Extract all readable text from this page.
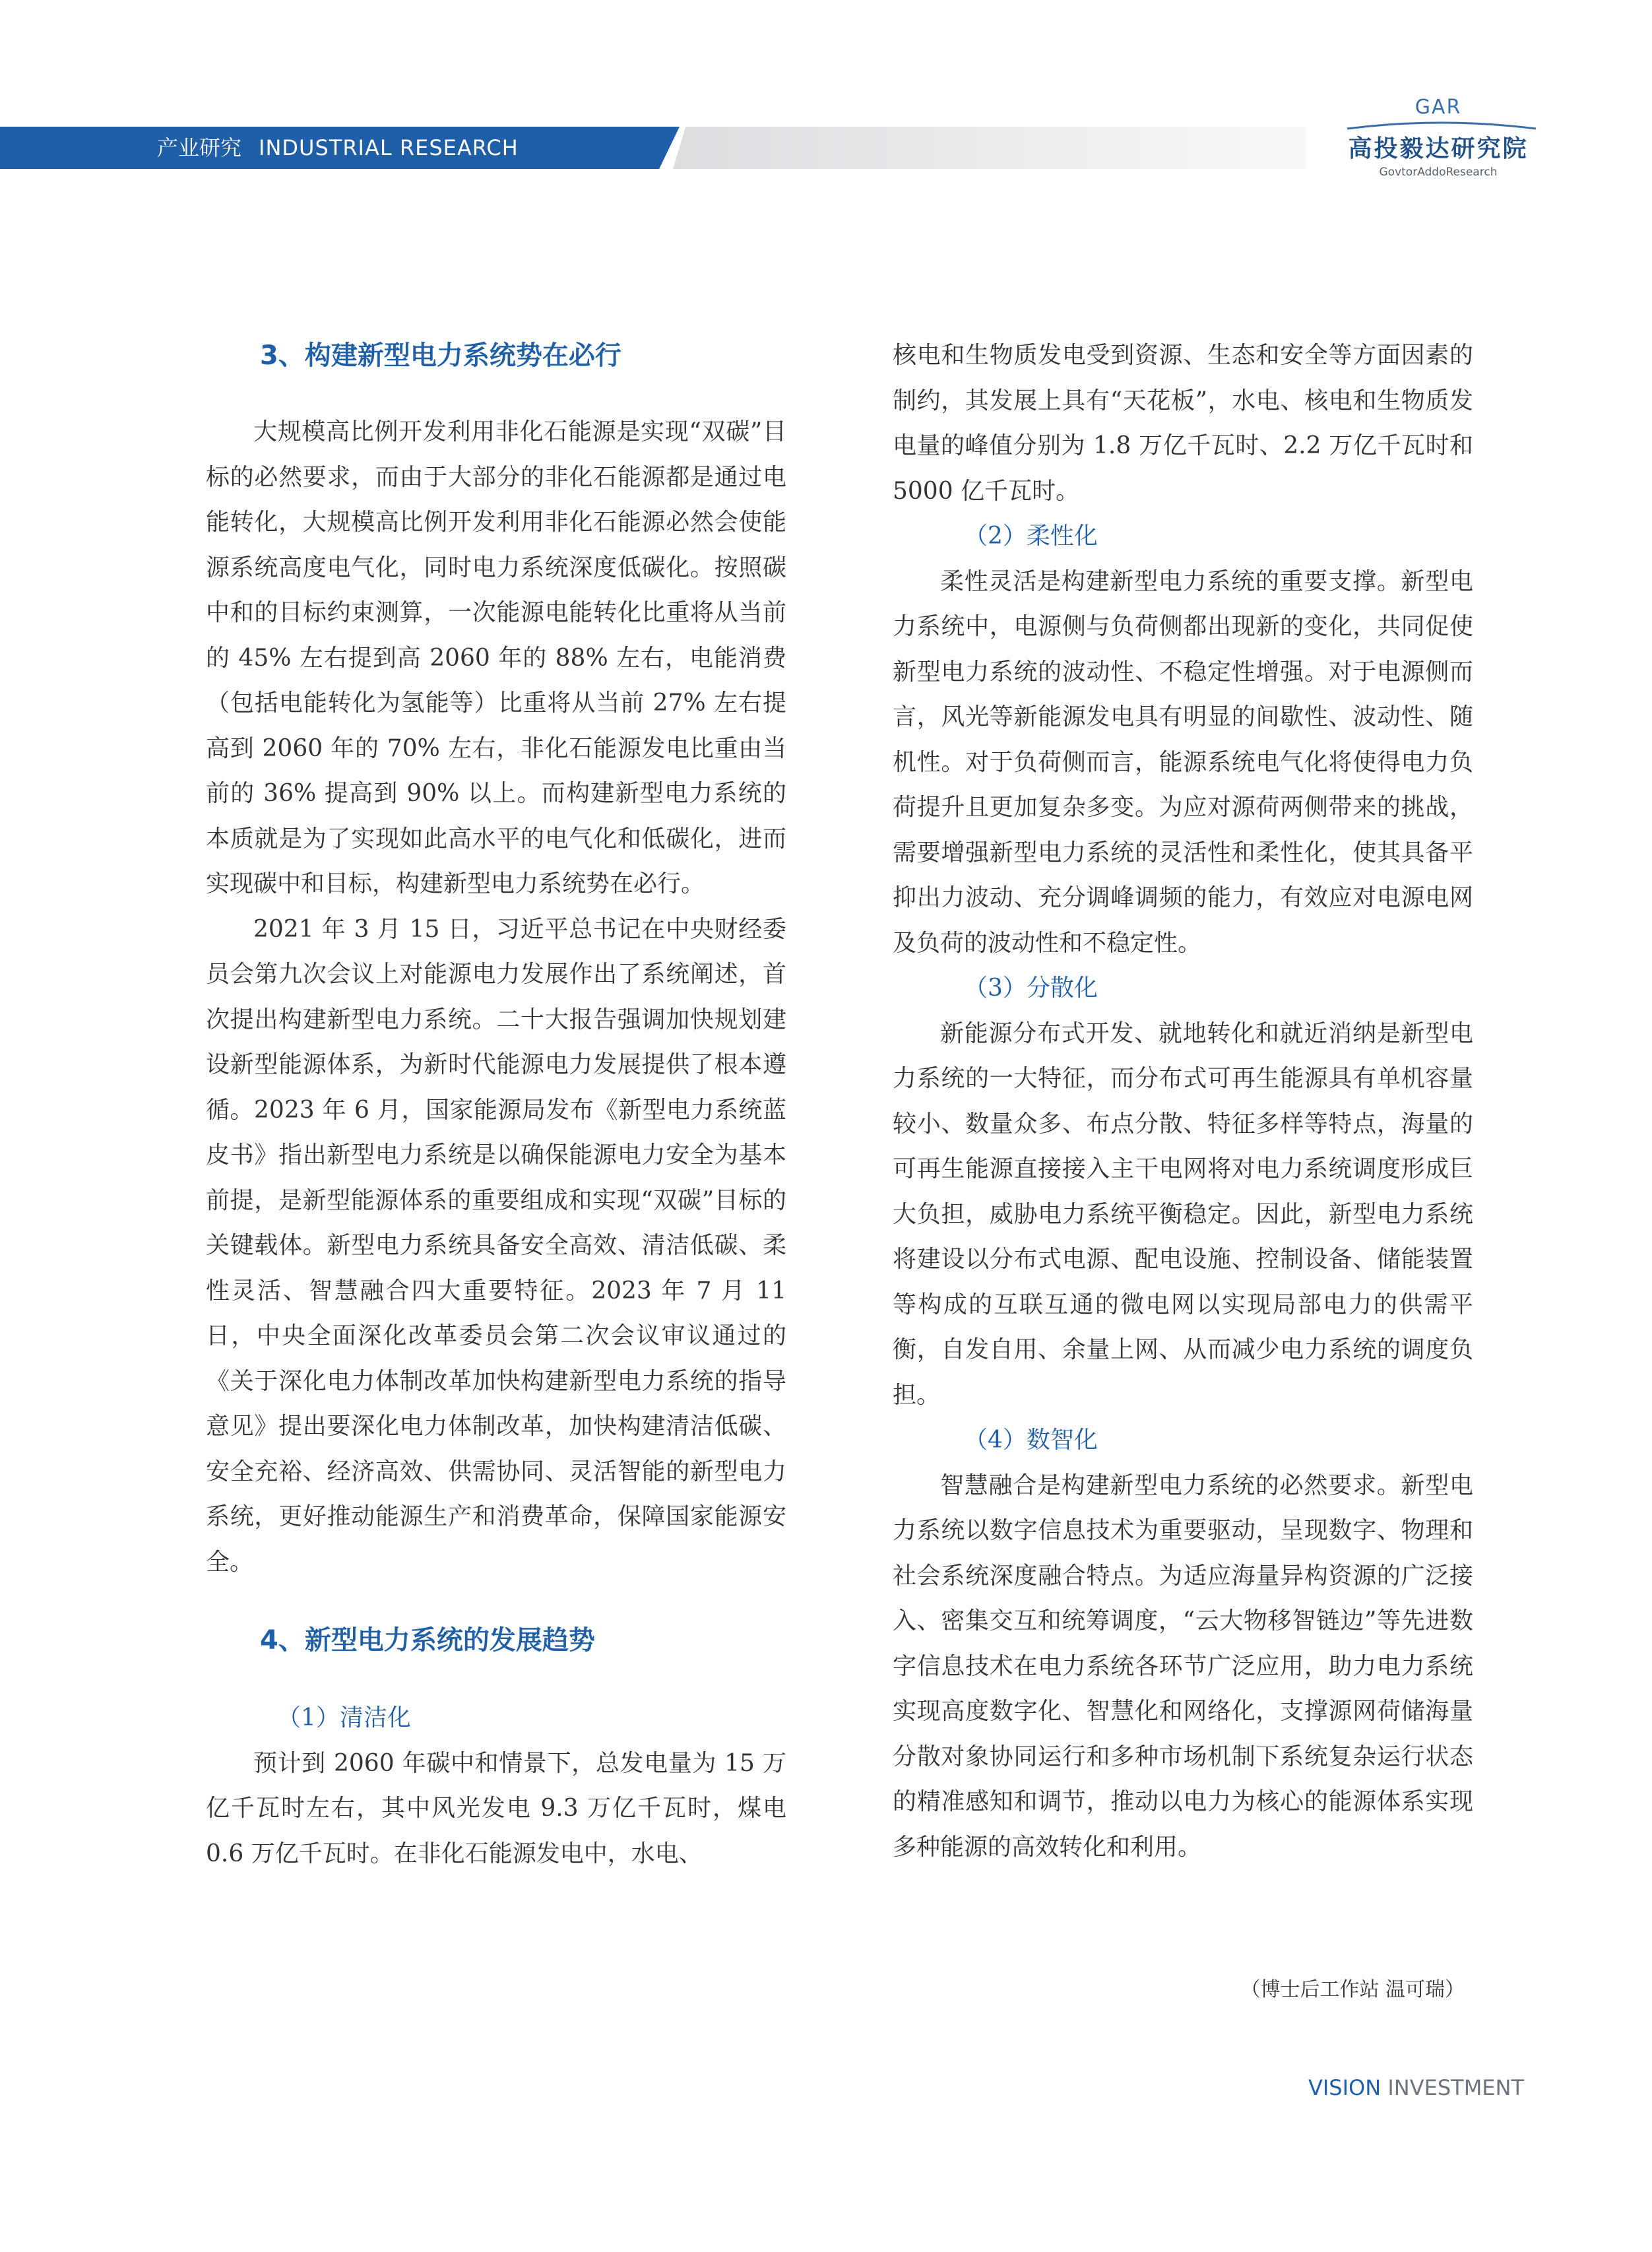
产业研究 INDUSTRIAL RESEARCH
GAR
高投毅达研究院
GovtorAddoResearch
3、构建新型电力系统势在必行

大规模高比例开发利用非化石能源是实现“双碳”目标的必然要求，而由于大部分的非化石能源都是通过电能转化，大规模高比例开发利用非化石能源必然会使能源系统高度电气化，同时电力系统深度低碳化。按照碳中和的目标约束测算，一次能源电能转化比重将从当前的 45% 左右提到高 2060 年的 88% 左右，电能消费（包括电能转化为氢能等）比重将从当前 27% 左右提高到 2060 年的 70% 左右，非化石能源发电比重由当前的 36% 提高到 90% 以上。而构建新型电力系统的本质就是为了实现如此高水平的电气化和低碳化，进而实现碳中和目标，构建新型电力系统势在必行。

2021 年 3 月 15 日，习近平总书记在中央财经委员会第九次会议上对能源电力发展作出了系统阐述，首次提出构建新型电力系统。二十大报告强调加快规划建设新型能源体系，为新时代能源电力发展提供了根本遵循。2023 年 6 月，国家能源局发布《新型电力系统蓝皮书》指出新型电力系统是以确保能源电力安全为基本前提，是新型能源体系的重要组成和实现“双碳”目标的关键载体。新型电力系统具备安全高效、清洁低碳、柔性灵活、智慧融合四大重要特征。2023 年 7 月 11 日，中央全面深化改革委员会第二次会议审议通过的《关于深化电力体制改革加快构建新型电力系统的指导意见》提出要深化电力体制改革，加快构建清洁低碳、安全充裕、经济高效、供需协同、灵活智能的新型电力系统，更好推动能源生产和消费革命，保障国家能源安全。

4、新型电力系统的发展趋势
（1）清洁化

预计到 2060 年碳中和情景下，总发电量为 15 万亿千瓦时左右，其中风光发电 9.3 万亿千瓦时，煤电 0.6 万亿千瓦时。在非化石能源发电中，水电、

核电和生物质发电受到资源、生态和安全等方面因素的制约，其发展上具有“天花板”，水电、核电和生物质发电量的峰值分别为 1.8 万亿千瓦时、2.2 万亿千瓦时和 5000 亿千瓦时。

（2）柔性化

柔性灵活是构建新型电力系统的重要支撑。新型电力系统中，电源侧与负荷侧都出现新的变化，共同促使新型电力系统的波动性、不稳定性增强。对于电源侧而言，风光等新能源发电具有明显的间歇性、波动性、随机性。对于负荷侧而言，能源系统电气化将使得电力负荷提升且更加复杂多变。为应对源荷两侧带来的挑战，需要增强新型电力系统的灵活性和柔性化，使其具备平抑出力波动、充分调峰调频的能力，有效应对电源电网及负荷的波动性和不稳定性。

（3）分散化

新能源分布式开发、就地转化和就近消纳是新型电力系统的一大特征，而分布式可再生能源具有单机容量较小、数量众多、布点分散、特征多样等特点，海量的可再生能源直接接入主干电网将对电力系统调度形成巨大负担，威胁电力系统平衡稳定。因此，新型电力系统将建设以分布式电源、配电设施、控制设备、储能装置等构成的互联互通的微电网以实现局部电力的供需平衡，自发自用、余量上网、从而减少电力系统的调度负担。

（4）数智化

智慧融合是构建新型电力系统的必然要求。新型电力系统以数字信息技术为重要驱动，呈现数字、物理和社会系统深度融合特点。为适应海量异构资源的广泛接入、密集交互和统筹调度，“云大物移智链边”等先进数字信息技术在电力系统各环节广泛应用，助力电力系统实现高度数字化、智慧化和网络化，支撑源网荷储海量分散对象协同运行和多种市场机制下系统复杂运行状态的精准感知和调节，推动以电力为核心的能源体系实现多种能源的高效转化和利用。

（博士后工作站 温可瑞）
VISION INVESTMENT
